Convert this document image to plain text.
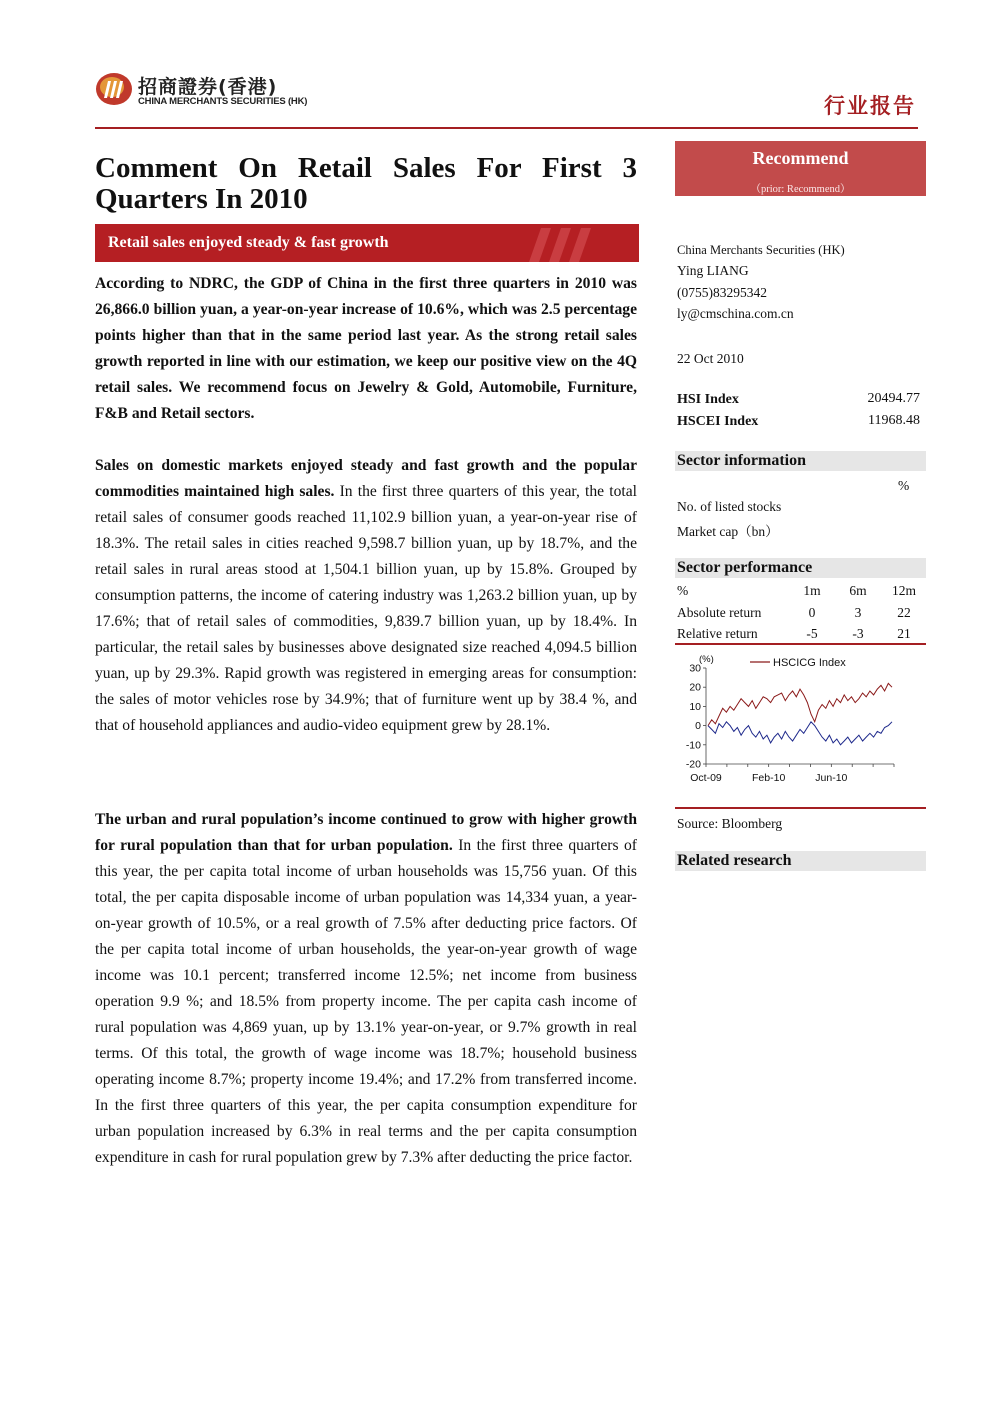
招商證券(香港)
CHINA MERCHANTS SECURITIES (HK)	行业报告
Comment On Retail Sales For First 3 Quarters In 2010
Retail sales enjoyed steady & fast growth

According to NDRC, the GDP of China in the first three quarters in 2010 was 26,866.0 billion yuan, a year-on-year increase of 10.6%, which was 2.5 percentage points higher than that in the same period last year. As the strong retail sales growth reported in line with our estimation, we keep our positive view on the 4Q retail sales. We recommend focus on Jewelry & Gold, Automobile, Furniture, F&B and Retail sectors.

Sales on domestic markets enjoyed steady and fast growth and the popular commodities maintained high sales. In the first three quarters of this year, the total retail sales of consumer goods reached 11,102.9 billion yuan, a year-on-year rise of 18.3%. The retail sales in cities reached 9,598.7 billion yuan, up by 18.7%, and the retail sales in rural areas stood at 1,504.1 billion yuan, up by 15.8%. Grouped by consumption patterns, the income of catering industry was 1,263.2 billion yuan, up by 17.6%; that of retail sales of commodities, 9,839.7 billion yuan, up by 18.4%. In particular, the retail sales by businesses above designated size reached 4,094.5 billion yuan, up by 29.3%. Rapid growth was registered in emerging areas for consumption: the sales of motor vehicles rose by 34.9%; that of furniture went up by 38.4 %, and that of household appliances and audio-video equipment grew by 28.1%.

The urban and rural population’s income continued to grow with higher growth for rural population than that for urban population. In the first three quarters of this year, the per capita total income of urban households was 15,756 yuan. Of this total, the per capita disposable income of urban population was 14,334 yuan, a year-on-year growth of 10.5%, or a real growth of 7.5% after deducting price factors. Of the per capita total income of urban households, the year-on-year growth of wage income was 10.1 percent; transferred income 12.5%; net income from business operation 9.9 %; and 18.5% from property income. The per capita cash income of rural population was 4,869 yuan, up by 13.1% year-on-year, or 9.7% growth in real terms. Of this total, the growth of wage income was 18.7%; household business operating income 8.7%; property income 19.4%; and 17.2% from transferred income. In the first three quarters of this year, the per capita consumption expenditure for urban population increased by 6.3% in real terms and the per capita consumption expenditure in cash for rural population grew by 7.3% after deducting the price factor.

Recommend
（prior: Recommend）
China Merchants Securities (HK)
Ying LIANG
(0755)83295342
ly@cmschina.com.cn
22 Oct 2010
HSI Index	20494.77
HSCEI Index	11968.48
Sector information
%
No. of listed stocks
Market cap（bn）
Sector performance
%	1m	6m	12m
Absolute return	0	3	22
Relative return	-5	-3	21
30
20
10
0
-10
-20
(%)
Oct-09	Feb-10	Jun-10
HSCICG Index
Source: Bloomberg
Related research
